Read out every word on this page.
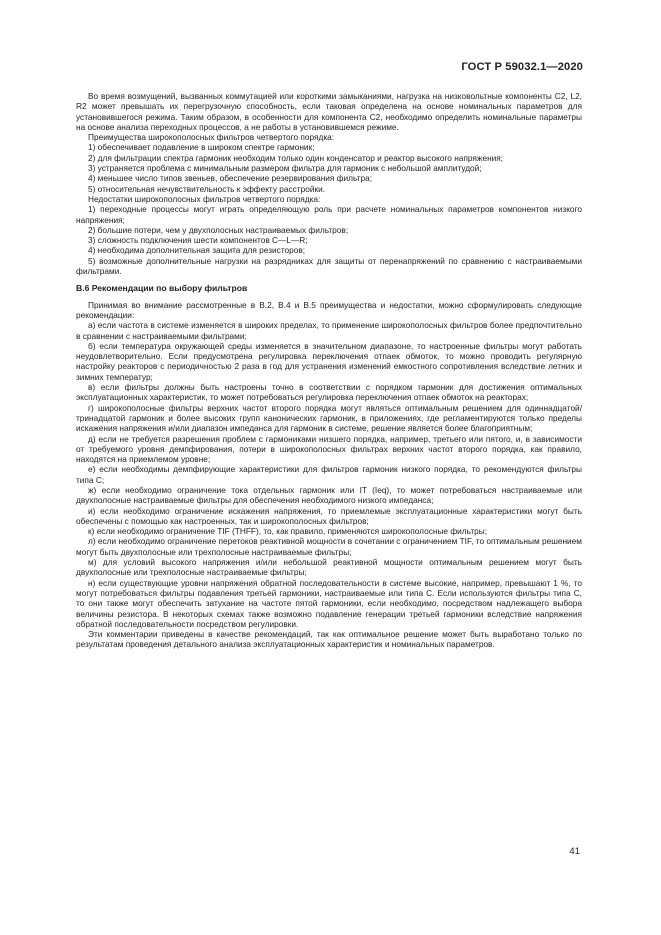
ГОСТ Р 59032.1—2020

Во время возмущений, вызванных коммутацией или короткими замыканиями, нагрузка на низковольтные компоненты С2, L2, R2 может превышать их перегрузочную способность, если таковая определена на основе номинальных параметров для установившегося режима. Таким образом, в особенности для компонента С2, необходимо определить номинальные параметры на основе анализа переходных процессов, а не работы в установившемся режиме.

Преимущества широкополосных фильтров четвертого порядка:

1) обеспечивает подавление в широком спектре гармоник;

2) для фильтрации спектра гармоник необходим только один конденсатор и реактор высокого напряжения;

3) устраняется проблема с минимальным размером фильтра для гармоник с небольшой амплитудой;

4) меньшее число типов звеньев, обеспечение резервирования фильтра;

5) относительная нечувствительность к эффекту расстройки.

Недостатки широкополосных фильтров четвертого порядка:

1) переходные процессы могут играть определяющую роль при расчете номинальных параметров компонентов низкого напряжения;

2) большие потери, чем у двухполосных настраиваемых фильтров;

3) сложность подключения шести компонентов С—L—R;

4) необходима дополнительная защита для резисторов;

5) возможные дополнительные нагрузки на разрядниках для защиты от перенапряжений по сравнению с настраиваемыми фильтрами.

В.6 Рекомендации по выбору фильтров

Принимая во внимание рассмотренные в В.2, В.4 и В.5 преимущества и недостатки, можно сформулировать следующие рекомендации:

а) если частота в системе изменяется в широких пределах, то применение широкополосных фильтров более предпочтительно в сравнении с настраиваемыми фильтрами;

б) если температура окружающей среды изменяется в значительном диапазоне, то настроенные фильтры могут работать неудовлетворительно. Если предусмотрена регулировка переключения отпаек обмоток, то можно проводить регулярную настройку реакторов с периодичностью 2 раза в год для устранения изменений емкостного сопротивления вследствие летних и зимних температур;

в) если фильтры должны быть настроены точно в соответствии с порядком гармоник для достижения оптимальных эксплуатационных характеристик, то может потребоваться регулировка переключения отпаек обмоток на реакторах;

г) широкополосные фильтры верхних частот второго порядка могут являться оптимальным решением для одиннадцатой/тринадцатой гармоник и более высоких групп канонических гармоник, в приложениях, где регламентируются только пределы искажения напряжения и/или диапазон импеданса для гармоник в системе, решение является более благоприятным;

д) если не требуется разрешения проблем с гармониками низшего порядка, например, третьего или пятого, и, в зависимости от требуемого уровня демпфирования, потери в широкополосных фильтрах верхних частот второго порядка, как правило, находятся на приемлемом уровне;

е) если необходимы демпфирующие характеристики для фильтров гармоник низкого порядка, то рекомендуются фильтры типа С;

ж) если необходимо ограничение тока отдельных гармоник или IT (Ieq), то может потребоваться настраиваемые или двухполосные настраиваемые фильтры для обеспечения необходимого низкого импеданса;

и) если необходимо ограничение искажения напряжения, то приемлемые эксплуатационные характеристики могут быть обеспечены с помощью как настроенных, так и широкополосных фильтров;

к) если необходимо ограничение TIF (THFF), то, как правило, применяются широкополосные фильтры;

л) если необходимо ограничение перетоков реактивной мощности в сочетании с ограничением TIF, то оптимальным решением могут быть двухполосные или трехполосные настраиваемые фильтры;

м) для условий высокого напряжения и/или небольшой реактивной мощности оптимальным решением могут быть двухполосные или трехполосные настраиваемые фильтры;

н) если существующие уровни напряжения обратной последовательности в системе высокие, например, превышают 1 %, то могут потребоваться фильтры подавления третьей гармоники, настраиваемые или типа С. Если используются фильтры типа С, то они также могут обеспечить затухание на частоте пятой гармоники, если необходимо, посредством надлежащего выбора величины резистора. В некоторых схемах также возможно подавление генерации третьей гармоники вследствие напряжения обратной последовательности посредством регулировки.

Эти комментарии приведены в качестве рекомендаций, так как оптимальное решение может быть выработано только по результатам проведения детального анализа эксплуатационных характеристик и номинальных параметров.

41
